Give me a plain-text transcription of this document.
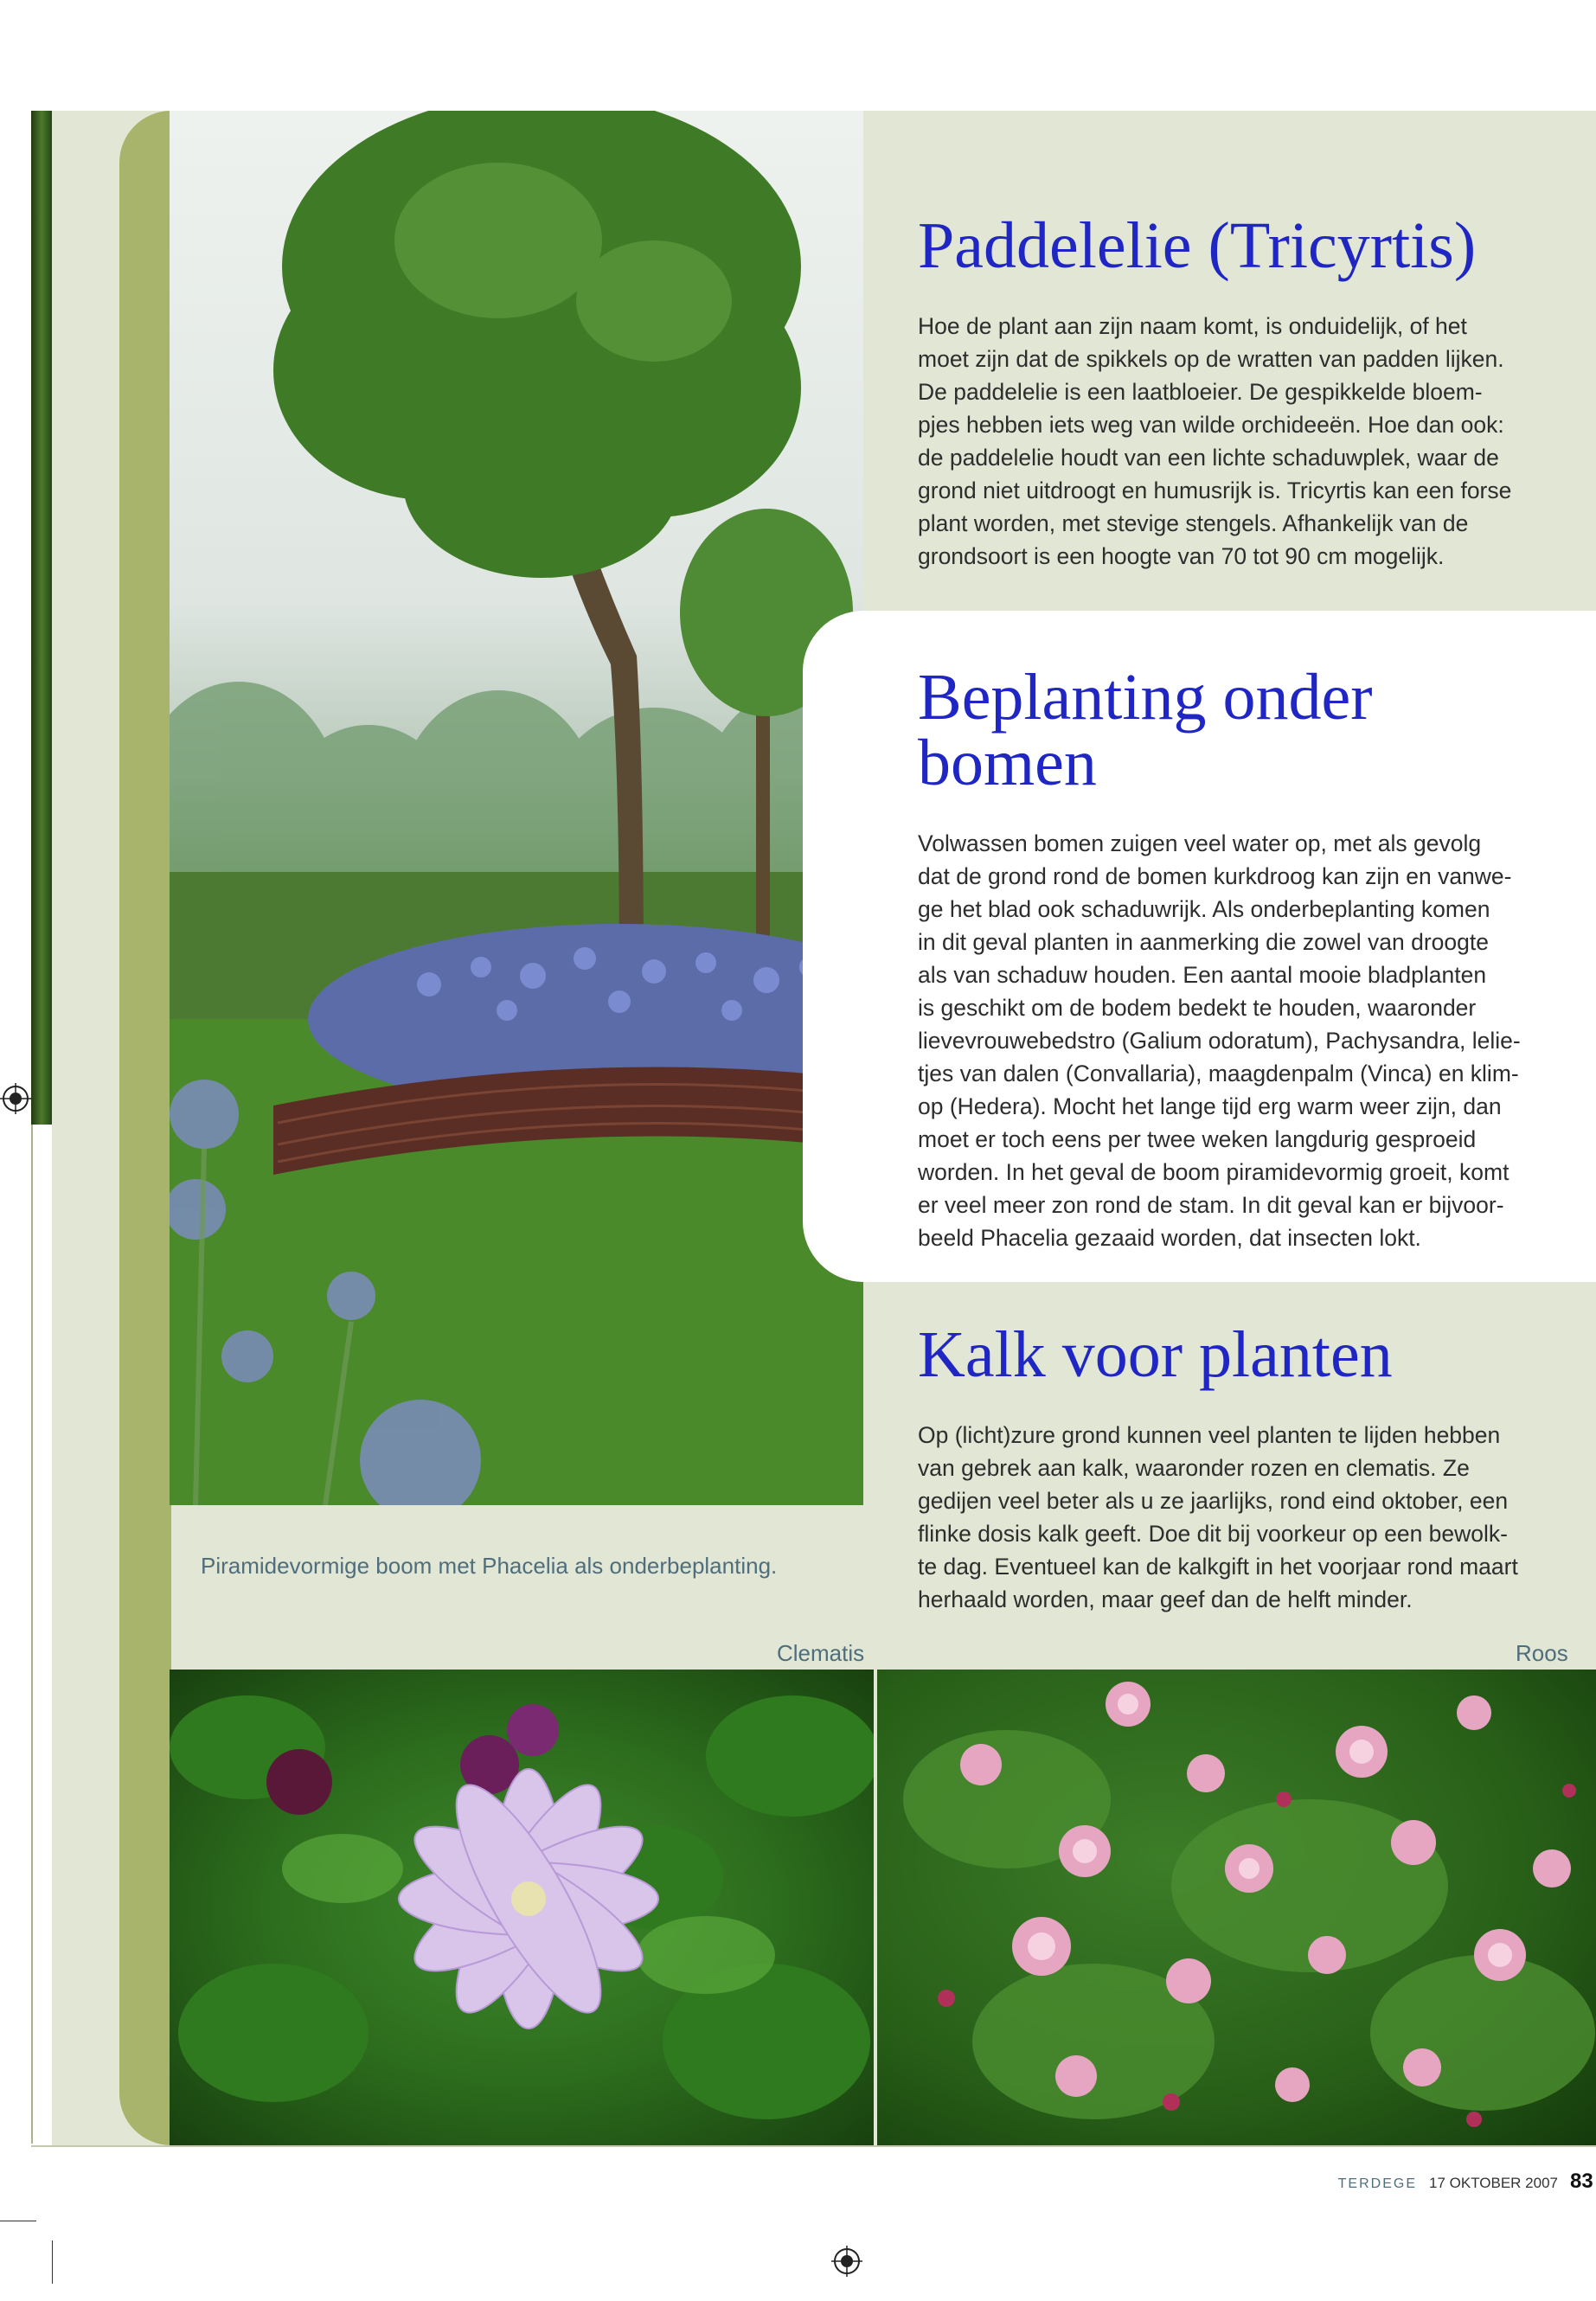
Paddelelie (Tricyrtis)

Hoe de plant aan zijn naam komt, is onduidelijk, of het
moet zijn dat de spikkels op de wratten van padden lijken.
De paddelelie is een laatbloeier. De gespikkelde bloem-
pjes hebben iets weg van wilde orchideeën. Hoe dan ook:
de paddelelie houdt van een lichte schaduwplek, waar de
grond niet uitdroogt en humusrijk is. Tricyrtis kan een forse
plant worden, met stevige stengels. Afhankelijk van de
grondsoort is een hoogte van 70 tot 90 cm mogelijk.

Beplanting onder
bomen

Volwassen bomen zuigen veel water op, met als gevolg
dat de grond rond de bomen kurkdroog kan zijn en vanwe-
ge het blad ook schaduwrijk. Als onderbeplanting komen
in dit geval planten in aanmerking die zowel van droogte
als van schaduw houden. Een aantal mooie bladplanten
is geschikt om de bodem bedekt te houden, waaronder
lievevrouwebedstro (Galium odoratum), Pachysandra, lelie-
tjes van dalen (Convallaria), maagdenpalm (Vinca) en klim-
op (Hedera). Mocht het lange tijd erg warm weer zijn, dan
moet er toch eens per twee weken langdurig gesproeid
worden. In het geval de boom piramidevormig groeit, komt
er veel meer zon rond de stam. In dit geval kan er bijvoor-
beeld Phacelia gezaaid worden, dat insecten lokt.

Kalk voor planten

Op (licht)zure grond kunnen veel planten te lijden hebben
van gebrek aan kalk, waaronder rozen en clematis. Ze
gedijen veel beter als u ze jaarlijks, rond eind oktober, een
flinke dosis kalk geeft. Doe dit bij voorkeur op een bewolk-
te dag. Eventueel kan de kalkgift in het voorjaar rond maart
herhaald worden, maar geef dan de helft minder.

Piramidevormige boom met Phacelia als onderbeplanting.
Clematis	Roos
TERDEGE 17 OKTOBER 2007 83
